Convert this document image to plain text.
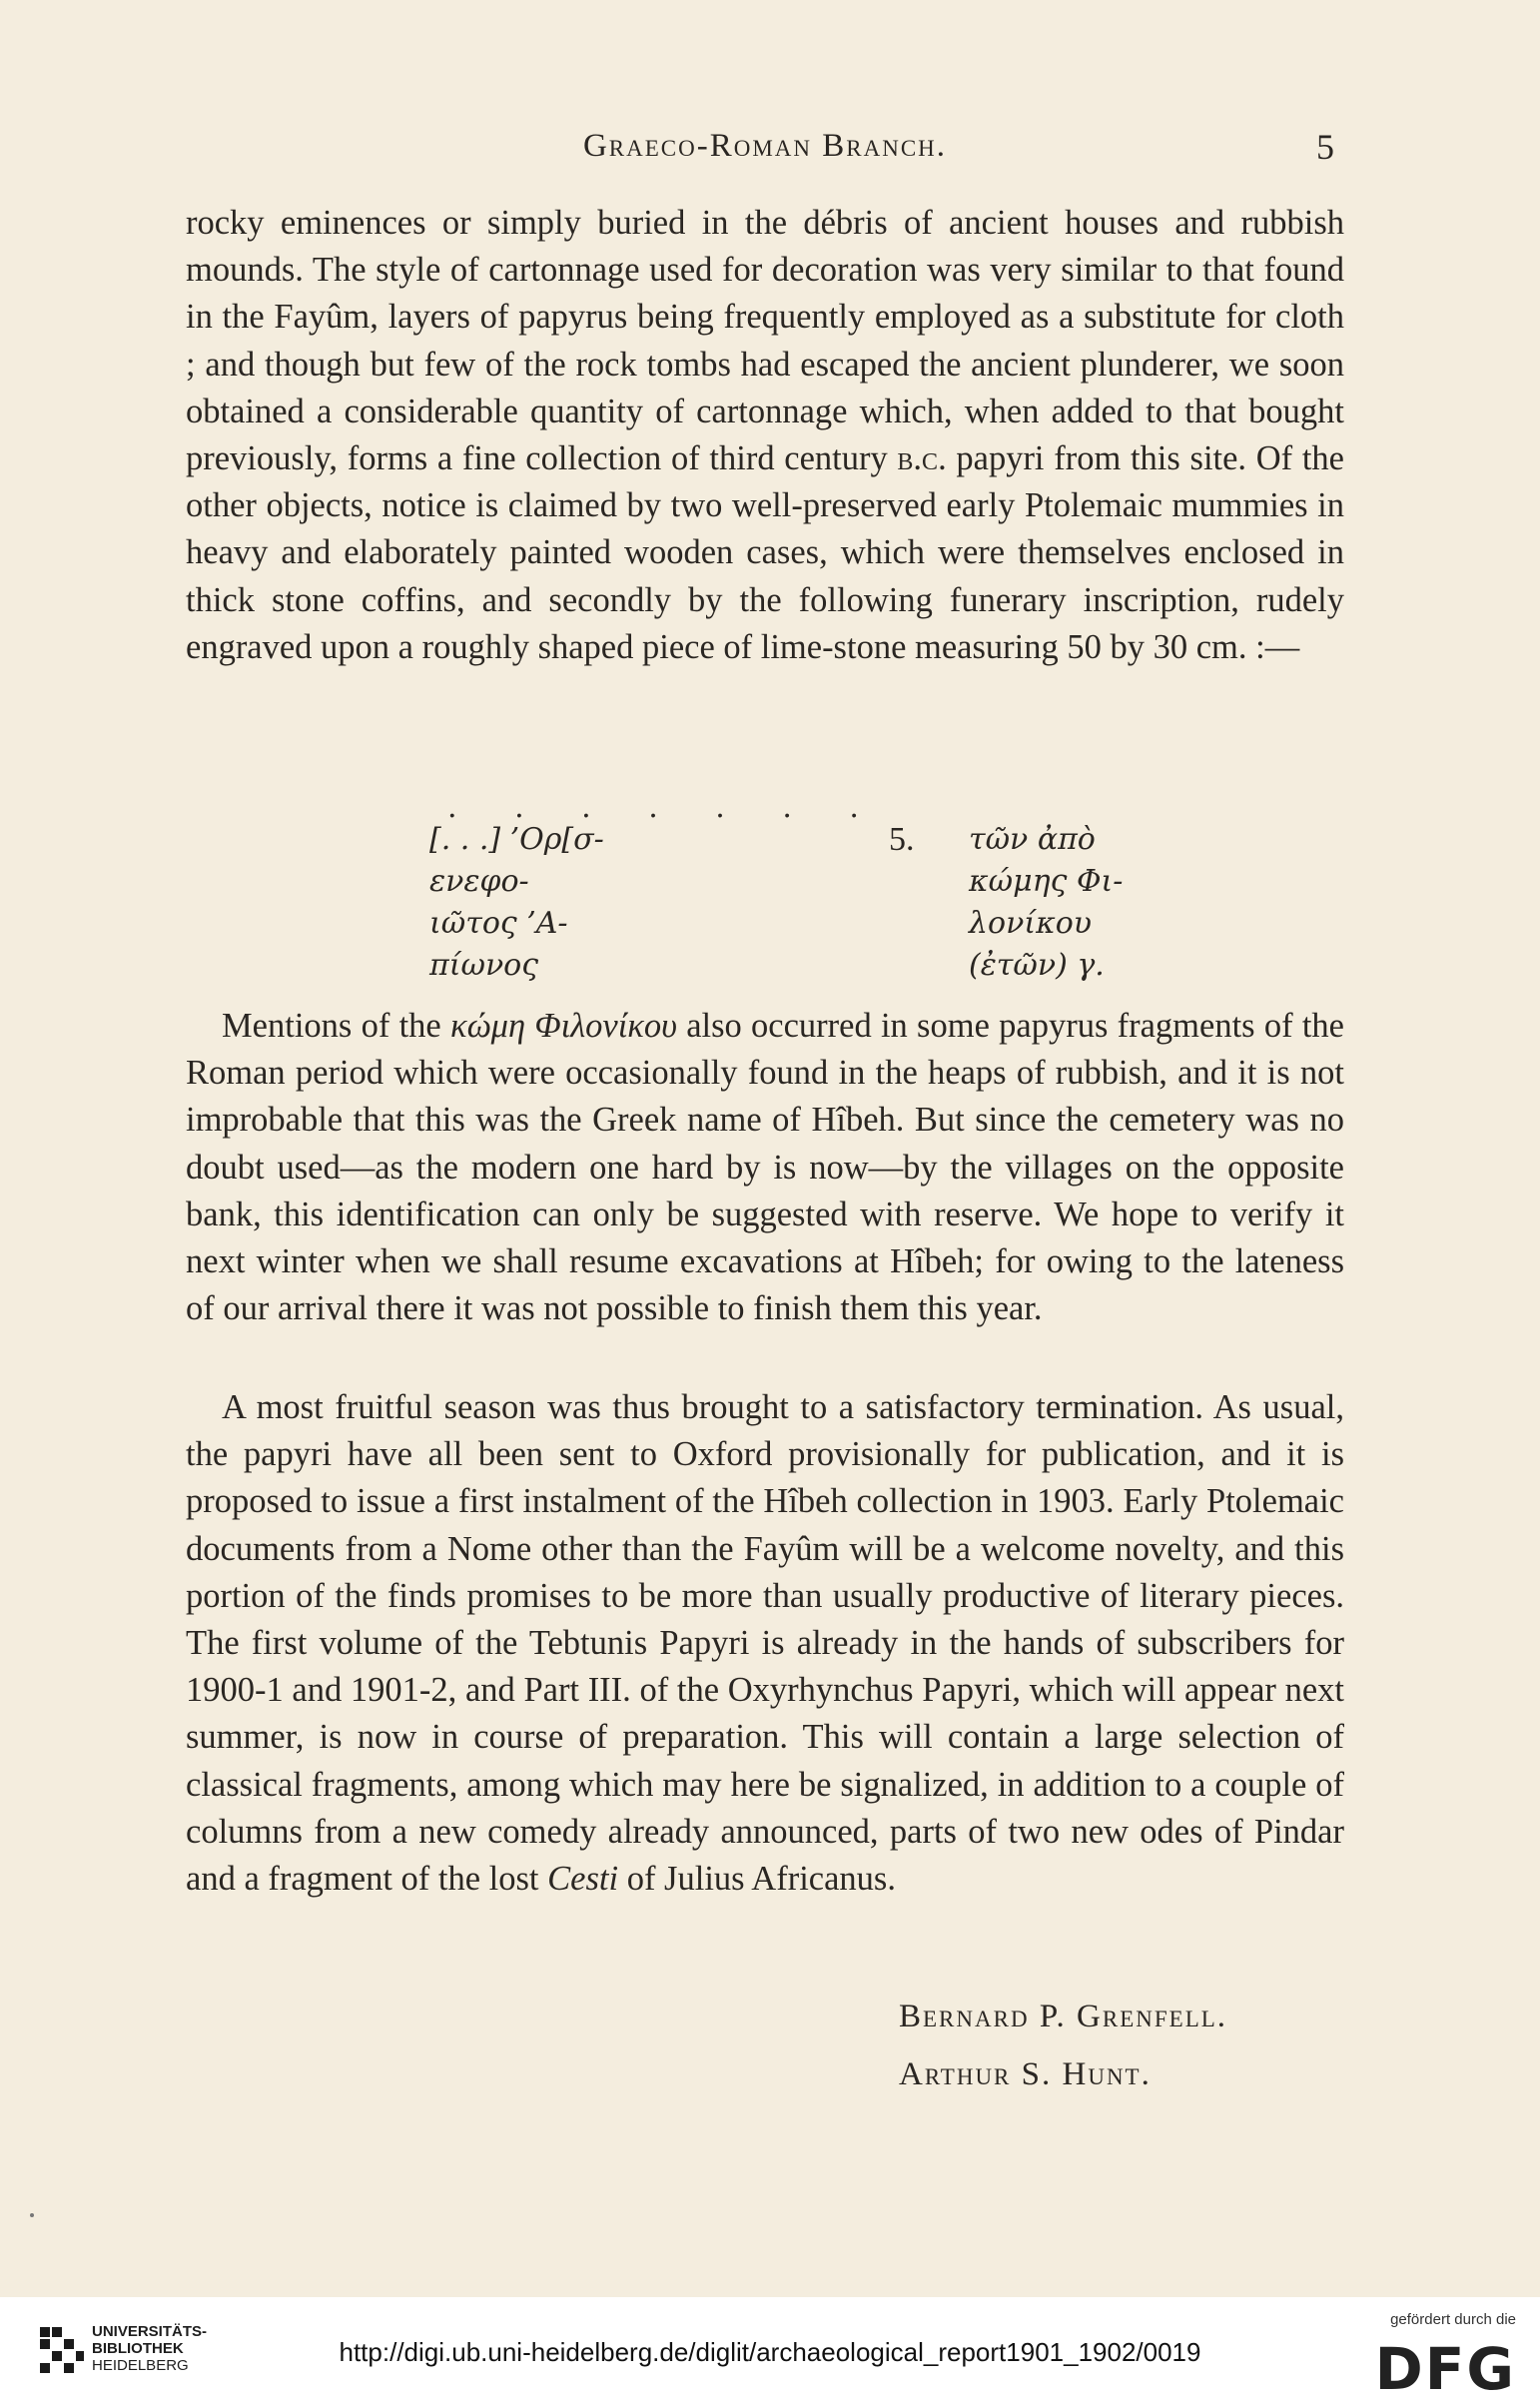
Graeco-Roman Branch.	5
rocky eminences or simply buried in the débris of ancient houses and rubbish mounds. The style of cartonnage used for decoration was very similar to that found in the Fayûm, layers of papyrus being frequently employed as a substitute for cloth ; and though but few of the rock tombs had escaped the ancient plunderer, we soon obtained a considerable quantity of cartonnage which, when added to that bought previously, forms a fine collection of third century b.c. papyri from this site. Of the other objects, notice is claimed by two well-preserved early Ptolemaic mummies in heavy and elaborately painted wooden cases, which were themselves enclosed in thick stone coffins, and secondly by the following funerary inscription, rudely engraved upon a roughly shaped piece of lime-stone measuring 50 by 30 cm. :—
. . . . . . .
[. . .] ’Ορ[σ-
ενεφο-
ιῶτος ’Α-
πίωνος
5. τῶν ἀπὸ
κώμης Φι-
λονίκου
(ἐτῶν) γ.
Mentions of the κώμη Φιλονίκου also occurred in some papyrus fragments of the Roman period which were occasionally found in the heaps of rubbish, and it is not improbable that this was the Greek name of Hîbeh. But since the cemetery was no doubt used—as the modern one hard by is now—by the villages on the opposite bank, this identification can only be suggested with reserve. We hope to verify it next winter when we shall resume excavations at Hîbeh; for owing to the lateness of our arrival there it was not possible to finish them this year.
A most fruitful season was thus brought to a satisfactory termination. As usual, the papyri have all been sent to Oxford provisionally for publication, and it is proposed to issue a first instalment of the Hîbeh collection in 1903. Early Ptolemaic documents from a Nome other than the Fayûm will be a welcome novelty, and this portion of the finds promises to be more than usually productive of literary pieces. The first volume of the Tebtunis Papyri is already in the hands of subscribers for 1900-1 and 1901-2, and Part III. of the Oxyrhynchus Papyri, which will appear next summer, is now in course of preparation. This will contain a large selection of classical fragments, among which may here be signalized, in addition to a couple of columns from a new comedy already announced, parts of two new odes of Pindar and a fragment of the lost Cesti of Julius Africanus.
Bernard P. Grenfell.
Arthur S. Hunt.
UNIVERSITÄTS-
BIBLIOTHEK
HEIDELBERG	http://digi.ub.uni-heidelberg.de/diglit/archaeological_report1901_1902/0019
gefördert durch die
DFG
